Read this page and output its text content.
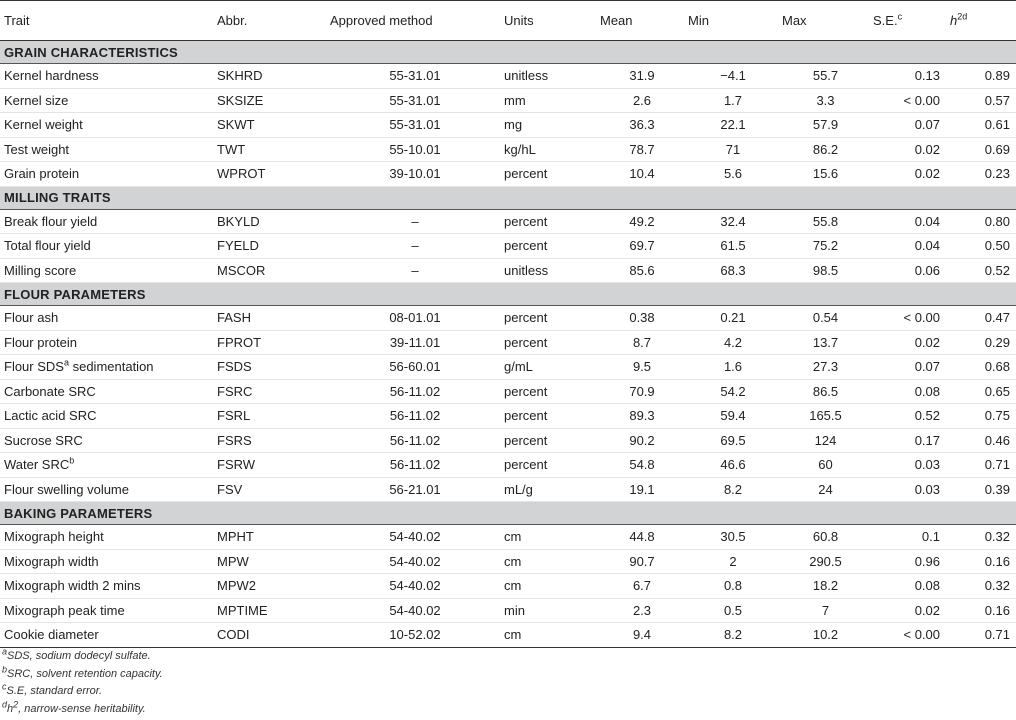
Trait	Abbr.	Approved method	Units	Mean	Min	Max	S.E.$^c$	$h^{2d}$
GRAIN CHARACTERISTICS								
Kernel hardness	SKHRD	55-31.01	unitless	31.9	−4.1	55.7	0.13	0.89
Kernel size	SKSIZE	55-31.01	mm	2.6	1.7	3.3	< 0.00	0.57
Kernel weight	SKWT	55-31.01	mg	36.3	22.1	57.9	0.07	0.61
Test weight	TWT	55-10.01	kg/hL	78.7	71	86.2	0.02	0.69
Grain protein	WPROT	39-10.01	percent	10.4	5.6	15.6	0.02	0.23
MILLING TRAITS								
Break flour yield	BKYLD	–	percent	49.2	32.4	55.8	0.04	0.80
Total flour yield	FYELD	–	percent	69.7	61.5	75.2	0.04	0.50
Milling score	MSCOR	–	unitless	85.6	68.3	98.5	0.06	0.52
FLOUR PARAMETERS								
Flour ash	FASH	08-01.01	percent	0.38	0.21	0.54	< 0.00	0.47
Flour protein	FPROT	39-11.01	percent	8.7	4.2	13.7	0.02	0.29
Flour SDS$^a$ sedimentation	FSDS	56-60.01	g/mL	9.5	1.6	27.3	0.07	0.68
Carbonate SRC	FSRC	56-11.02	percent	70.9	54.2	86.5	0.08	0.65
Lactic acid SRC	FSRL	56-11.02	percent	89.3	59.4	165.5	0.52	0.75
Sucrose SRC	FSRS	56-11.02	percent	90.2	69.5	124	0.17	0.46
Water SRC$^b$	FSRW	56-11.02	percent	54.8	46.6	60	0.03	0.71
Flour swelling volume	FSV	56-21.01	mL/g	19.1	8.2	24	0.03	0.39
BAKING PARAMETERS								
Mixograph height	MPHT	54-40.02	cm	44.8	30.5	60.8	0.1	0.32
Mixograph width	MPW	54-40.02	cm	90.7	2	290.5	0.96	0.16
Mixograph width 2 mins	MPW2	54-40.02	cm	6.7	0.8	18.2	0.08	0.32
Mixograph peak time	MPTIME	54-40.02	min	2.3	0.5	7	0.02	0.16
Cookie diameter	CODI	10-52.02	cm	9.4	8.2	10.2	< 0.00	0.71
$^a$SDS, sodium dodecyl sulfate.
$^b$SRC, solvent retention capacity.
$^c$S.E, standard error.
$^dh^2$, narrow-sense heritability.
